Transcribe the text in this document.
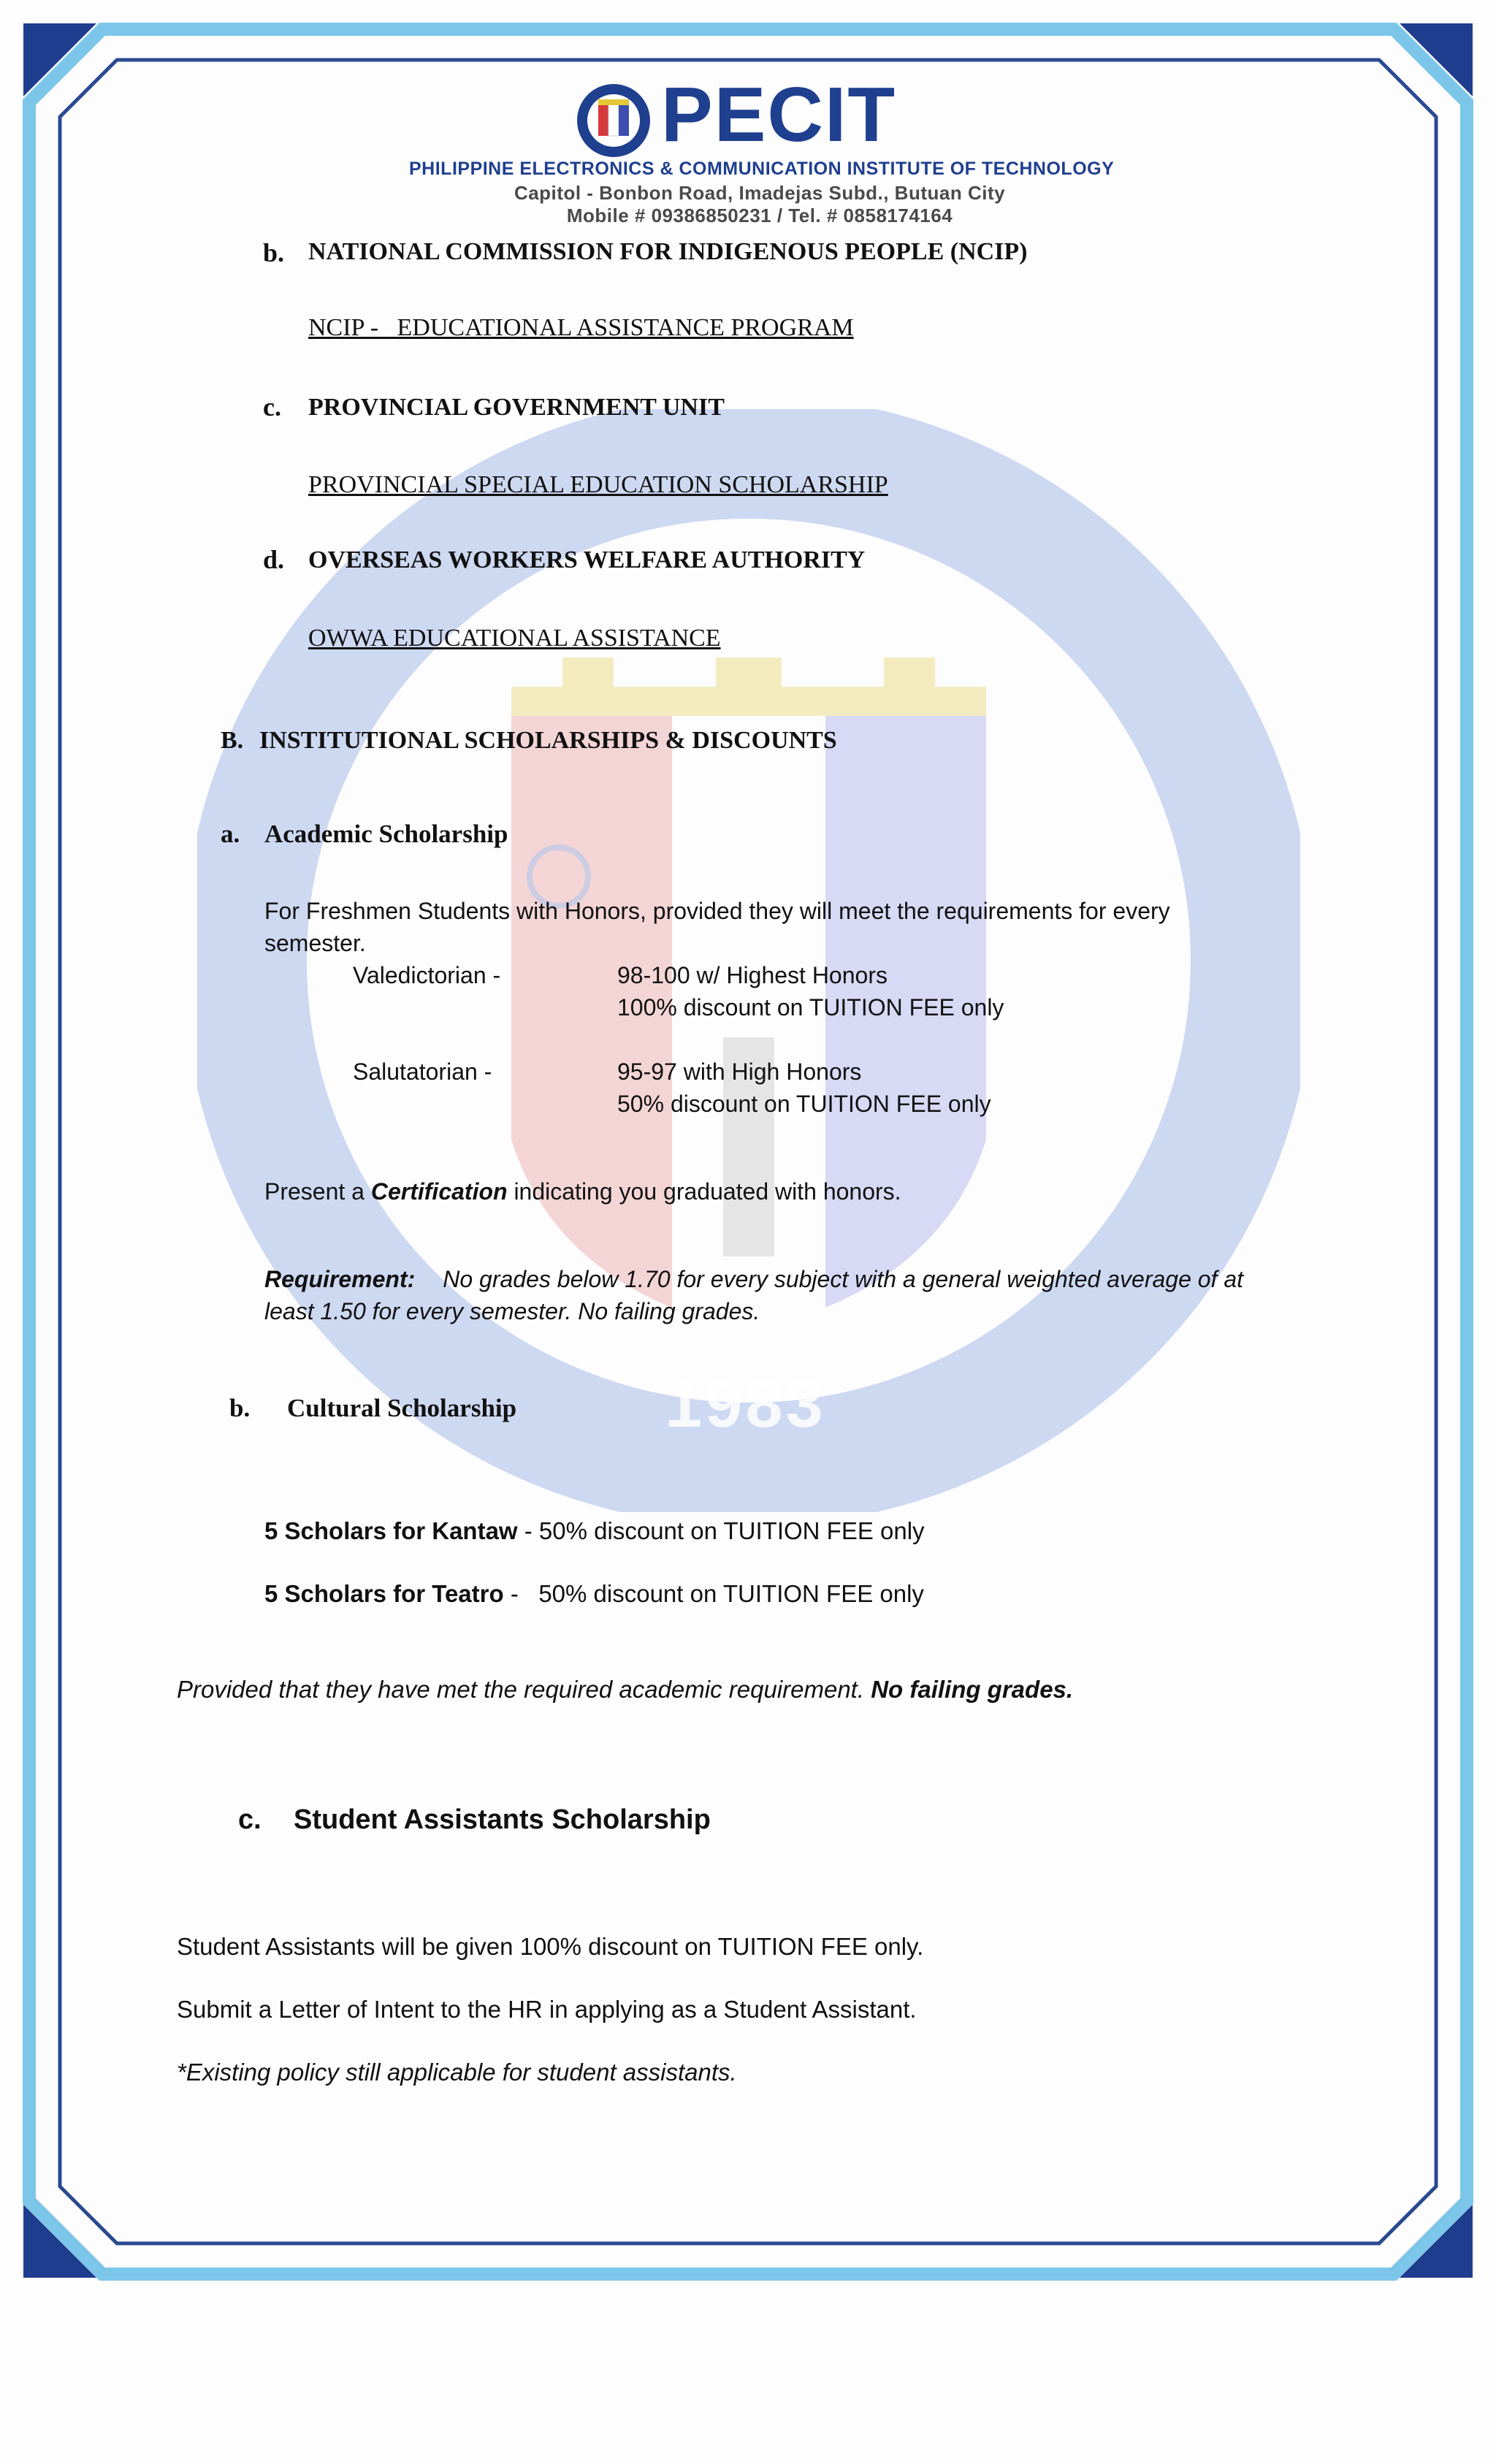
1983
PECIT
PHILIPPINE ELECTRONICS & COMMUNICATION INSTITUTE OF TECHNOLOGY
Capitol - Bonbon Road, Imadejas Subd., Butuan City
Mobile # 09386850231 / Tel. # 0858174164
b. NATIONAL COMMISSION FOR INDIGENOUS PEOPLE (NCIP)
NCIP -   EDUCATIONAL ASSISTANCE PROGRAM
c. PROVINCIAL GOVERNMENT UNIT
PROVINCIAL SPECIAL EDUCATION SCHOLARSHIP
d. OVERSEAS WORKERS WELFARE AUTHORITY
OWWA EDUCATIONAL ASSISTANCE
B. INSTITUTIONAL SCHOLARSHIPS & DISCOUNTS
a. Academic Scholarship
For Freshmen Students with Honors, provided they will meet the requirements for every
semester.
Valedictorian -	98-100 w/ Highest Honors
100% discount on TUITION FEE only
Salutatorian -	95-97 with High Honors
50% discount on TUITION FEE only
Present a Certification indicating you graduated with honors.
Requirement: No grades below 1.70 for every subject with a general weighted average of at
least 1.50 for every semester. No failing grades.
b. Cultural Scholarship
5 Scholars for Kantaw - 50% discount on TUITION FEE only
5 Scholars for Teatro -   50% discount on TUITION FEE only
Provided that they have met the required academic requirement. No failing grades.
c. Student Assistants Scholarship
Student Assistants will be given 100% discount on TUITION FEE only.
Submit a Letter of Intent to the HR in applying as a Student Assistant.
*Existing policy still applicable for student assistants.
